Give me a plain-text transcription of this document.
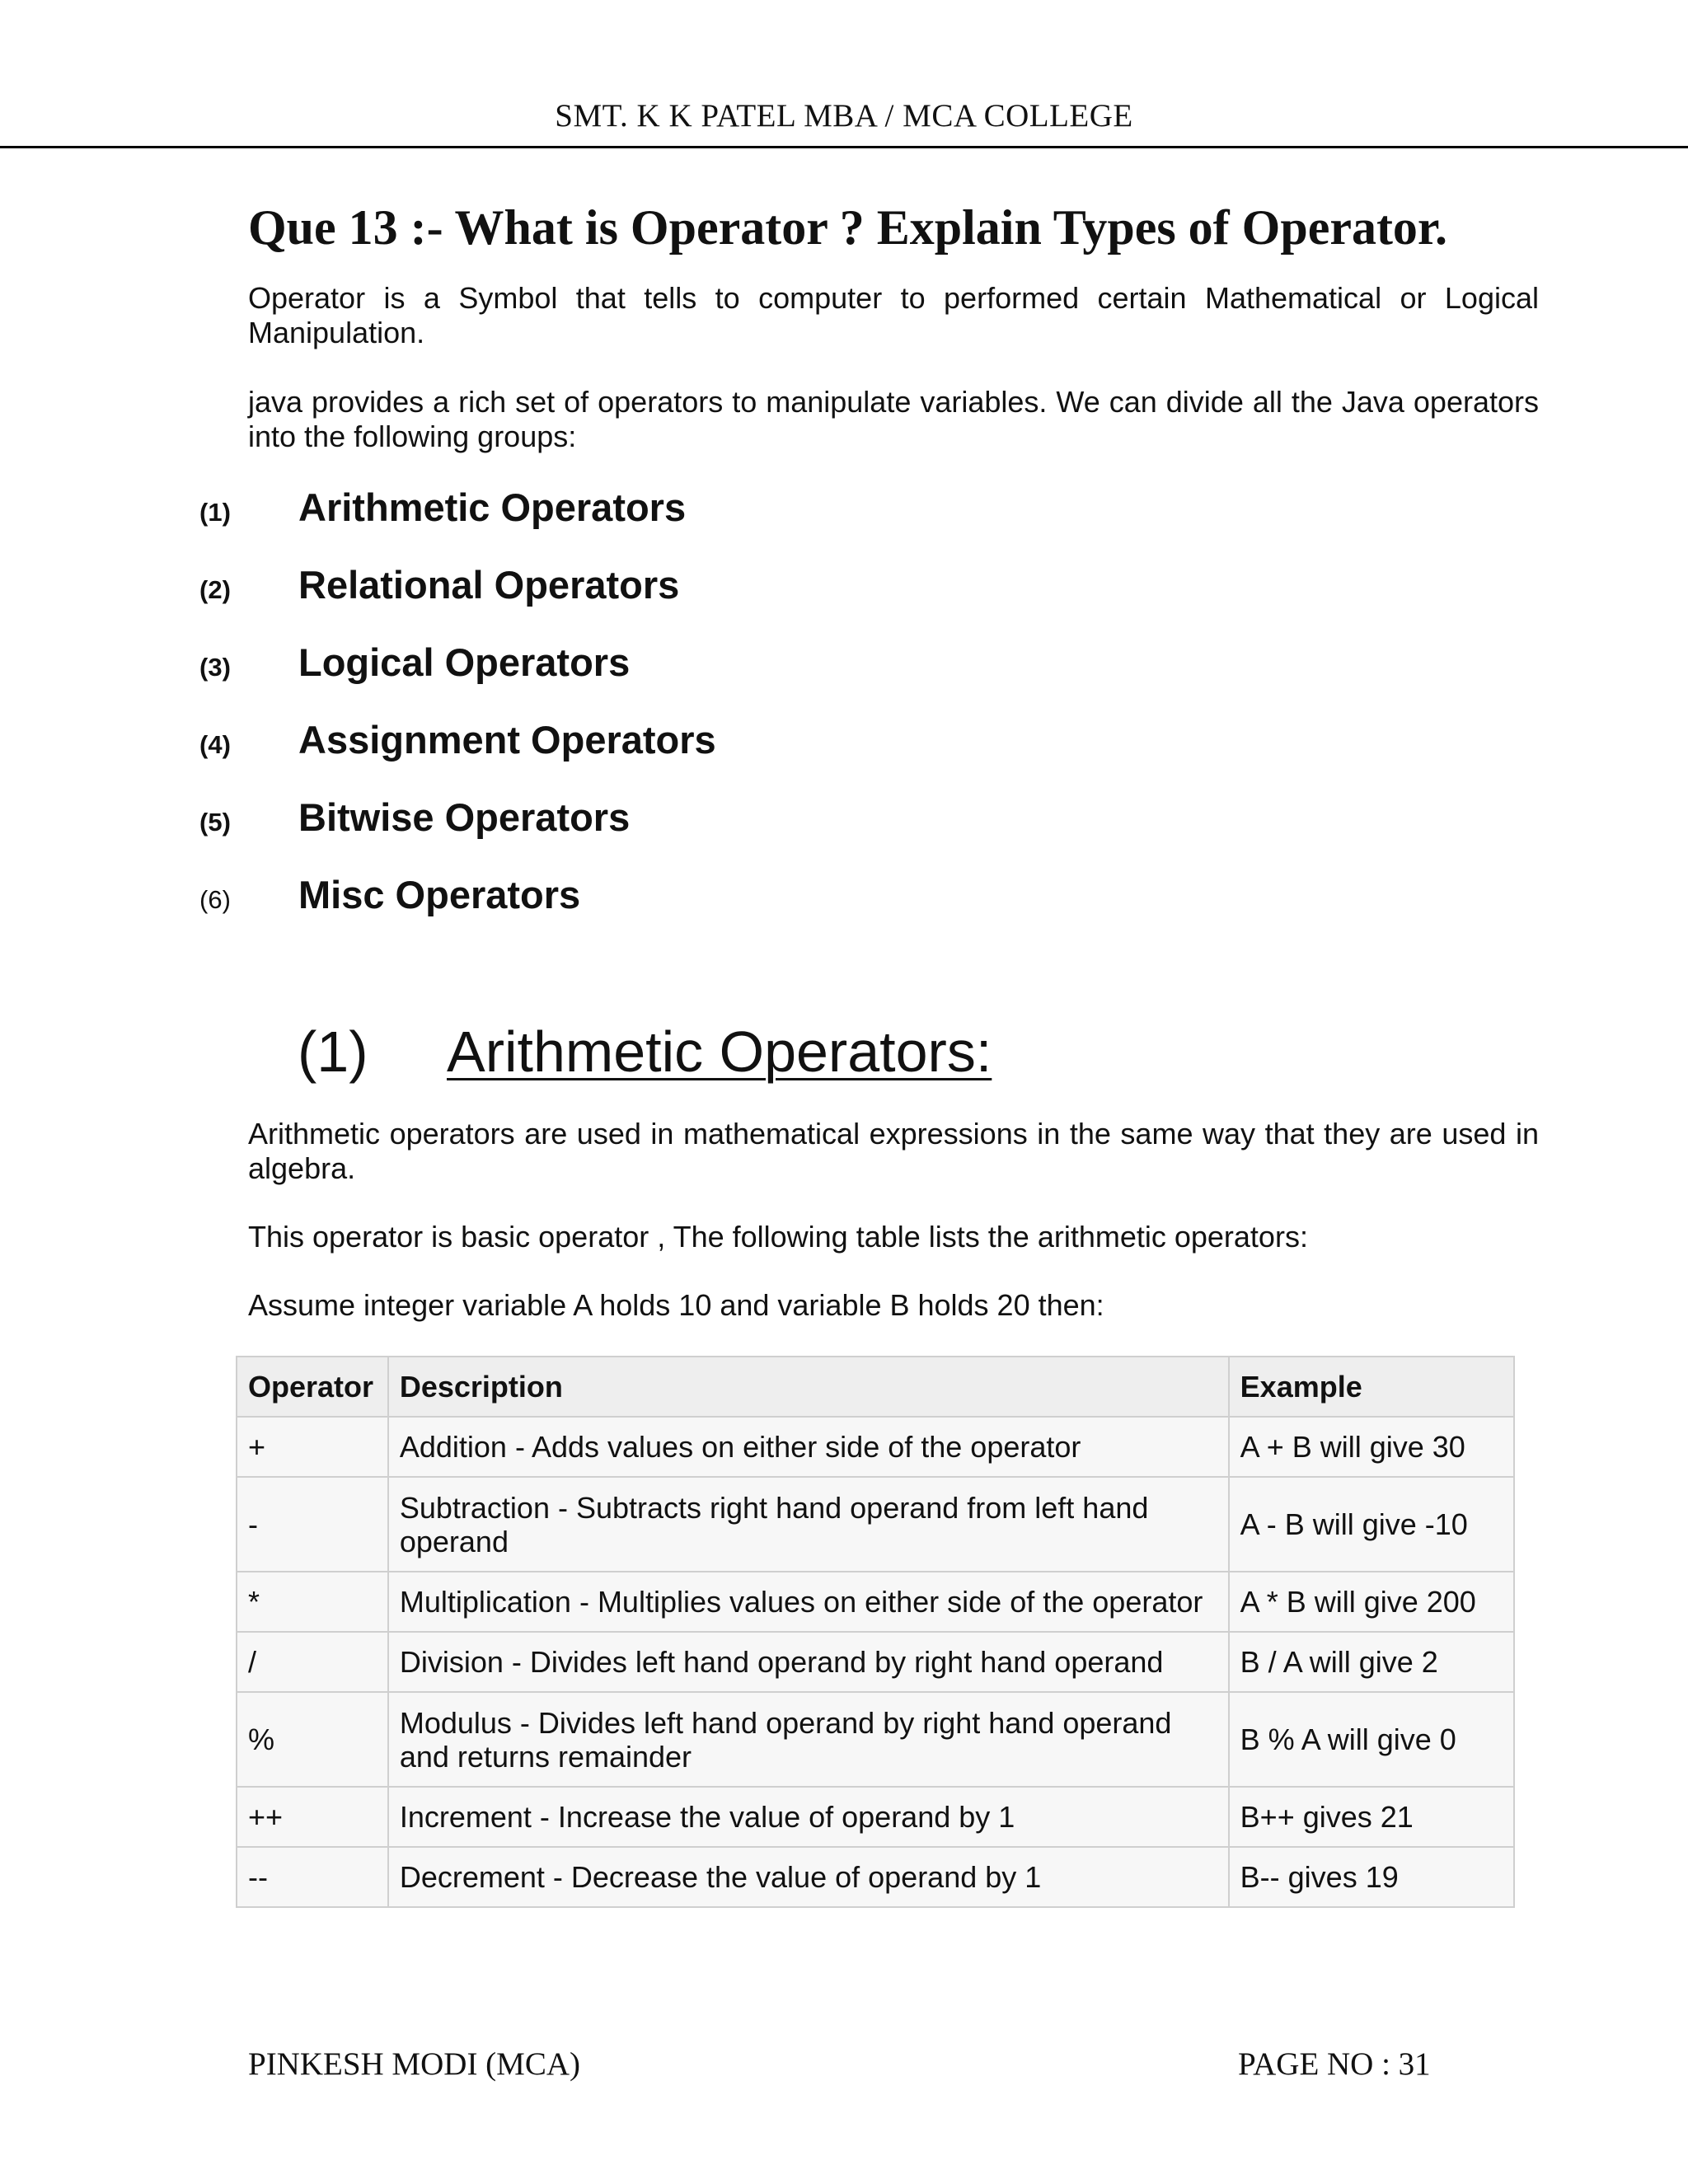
SMT. K K PATEL MBA / MCA COLLEGE
Que 13 :- What is Operator ? Explain Types of Operator.

Operator is a Symbol that tells to computer to performed certain Mathematical or Logical Manipulation.

java provides a rich set of operators to manipulate variables. We can divide all the Java operators into the following groups:

(1) Arithmetic Operators
(2) Relational Operators
(3) Logical Operators
(4) Assignment Operators
(5) Bitwise Operators
(6) Misc Operators
(1) Arithmetic Operators:

Arithmetic operators are used in mathematical expressions in the same way that they are used in algebra.

This operator is basic operator , The following table lists the arithmetic operators:

Assume integer variable A holds 10 and variable B holds 20 then:

Operator	Description	Example
+	Addition - Adds values on either side of the operator	A + B will give 30
-	Subtraction - Subtracts right hand operand from left hand operand	A - B will give -10
*	Multiplication - Multiplies values on either side of the operator	A * B will give 200
/	Division - Divides left hand operand by right hand operand	B / A will give 2
%	Modulus - Divides left hand operand by right hand operand and returns remainder	B % A will give 0
++	Increment - Increase the value of operand by 1	B++ gives 21
--	Decrement - Decrease the value of operand by 1	B-- gives 19
PINKESH MODI (MCA)	PAGE NO : 31
